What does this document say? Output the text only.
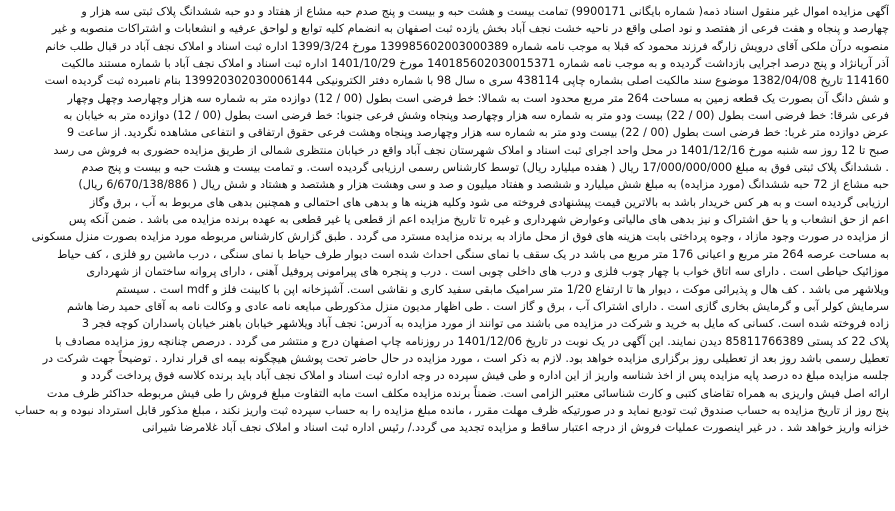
آگهی مزایده اموال غیر منقول اسناد ذمه( شماره بایگانی 9900171) تمامت بیست و هشت حبه و بیست و پنج صدم حبه مشاع از هفتاد و دو حبه ششدانگ پلاک ثبتی سه هزار و
چهارصد و پنجاه و هفت فرعی از هفتصد و نود اصلی واقع در ناحیه خشت نجف آباد بخش یازده ثبت اصفهان به انضمام کلیه توابع و لواحق عرفیه و انشعابات و اشتراکات منصوبه و غیر
منصوبه درآن ملکی آقای درویش زارگه فرزند محمود که قبلا به موجب نامه شماره 139985602003000389 مورخ 1399/3/24 اداره ثبت اسناد و املاک نجف آباد در قبال طلب خانم
آذر آریانژاد و پنج درصد اجرایی بازداشت گردیده و به موجب نامه شماره 140185602030015371 مورخ 1401/10/29 اداره ثبت اسناد و املاک نجف آباد با شماره مستند مالکیت
114160 تاریخ 1382/04/08 موضوع سند مالکیت اصلی بشماره چاپی 438114 سری ه سال 98 با شماره دفتر الکترونیکی 139920302030006144 بنام نامبرده ثبت گردیده است
و شش دانگ آن بصورت یک قطعه زمین به مساحت 264 متر مربع محدود است به شمالا: خط فرضی است بطول (00 / 12) دوازده متر به شماره سه هزار وچهارصد وچهل وچهار
فرعی شرقا: خط فرضی است بطول (00 / 22) بیست ودو متر به شماره سه هزار وچهارصد وپنجاه وشش فرعی جنوبا: خط فرضی است بطول (00 / 12) دوازده متر به خیابان به
عرض دوازده متر غربا: خط فرضی است بطول (00 / 22) بیست ودو متر به شماره سه هزار وچهارصد وپنجاه وهشت فرعی حقوق ارتفاقی و انتفاعی مشاهده نگردید. از ساعت 9
صبح تا 12 روز سه شنبه مورخ 1401/12/16 در محل واحد اجرای ثبت اسناد و املاک شهرستان نجف آباد واقع در خیابان منتظری شمالی از طریق مزایده حضوری به فروش می رسد
. ششدانگ پلاک ثبتی فوق به مبلغ 17/000/000/000 ریال ( هفده میلیارد ریال) توسط کارشناس رسمی ارزیابی گردیده است. و تمامت بیست و هشت حبه و بیست و پنج صدم
حبه مشاع از 72 حبه ششدانگ (مورد مزایده) به مبلغ شش میلیارد و ششصد و هفتاد میلیون و صد و سی وهشت هزار و هشتصد و هشتاد و شش ریال ( 6/670/138/886 ریال)
ارزیابی گردیده است و به هر کس خریدار باشد به بالاترین قیمت پیشنهادی فروخته می شود وکلیه هزینه ها و بدهی های احتمالی و همچنین بدهی های مربوط به آب ، برق وگاز
اعم از حق انشعاب و یا حق اشتراک و نیز بدهی های مالیاتی وعوارض شهرداری و غیره تا تاریخ مزایده اعم از قطعی یا غیر قطعی به عهده برنده مزایده می باشد . ضمن آنکه پس
از مزایده در صورت وجود مازاد ، وجوه پرداختی بابت هزینه های فوق از محل مازاد به برنده مزایده مسترد می گردد . طبق گزارش کارشناس مربوطه مورد مزایده بصورت منزل مسکونی
به مساحت عرصه 264 متر مربع و اعیانی 176 متر مربع می باشد در یک سقف با نمای سنگی احداث شده است دیوار طرف حیاط با نمای سنگی ، درب ماشین رو فلزی ، کف حیاط
موزائیک حیاطی است . دارای سه اتاق خواب با چهار چوب فلزی و درب های داخلی چوبی است . درب و پنجره های پیرامونی پروفیل آهنی ، دارای پروانه ساختمان از شهرداری
ویلاشهر می باشد . کف هال و پذیرائی موکت ، دیوار ها تا ارتفاع 1/20 متر سرامیک مابقی سفید کاری و نقاشی است. آشپزخانه اپن با کابینت فلز و mdf است . سیستم
سرمایش کولر آبی و گرمایش بخاری گازی است . دارای اشتراک آب ، برق و گاز است . طی اظهار مدیون منزل مذکورطی مبایعه نامه عادی و وکالت نامه به آقای حمید رضا هاشم
زاده فروخته شده است. کسانی که مایل به خرید و شرکت در مزایده می باشند می توانند از مورد مزایده به آدرس: نجف آباد ویلاشهر خیابان باهنر خیابان پاسداران کوچه فجر 3
پلاک 22 کد پستی 85811766389 دیدن نمایند. این آگهی در یک نوبت در تاریخ 1401/12/06 در روزنامه چاپ اصفهان درج و منتشر می گردد . درصص چنانچه روز مزایده مصادف با
تعطیل رسمی باشد روز بعد از تعطیلی روز برگزاری مزایده خواهد بود. لازم به ذکر است ، مورد مزایده در حال حاضر تحت پوشش هیچگونه بیمه ای قرار ندارد . توضیحاً جهت شرکت در
جلسه مزایده مبلغ ده درصد پایه مزایده پس از اخذ شناسه واریز از این اداره و طی فیش سپرده در وجه اداره ثبت اسناد و املاک نجف آباد باید برنده کلاسه فوق پرداخت گردد و
ارائه اصل فیش واریزی به همراه تقاضای کتبی و کارت شناسائی معتبر الزامی است. ضمناً برنده مزایده مکلف است مابه التفاوت مبلغ فروش را طی فیش مربوطه حداکثر ظرف مدت
پنج روز از تاریخ مزایده به حساب صندوق ثبت تودیع نماید و در صورتیکه ظرف مهلت مقرر ، مانده مبلغ مزایده را به حساب سپرده ثبت واریز نکند ، مبلغ مذکور قابل استرداد نبوده و به حساب
خزانه واریز خواهد شد . در غیر اینصورت عملیات فروش از درجه اعتبار ساقط و مزایده تجدید می گردد./ رئیس اداره ثبت اسناد و املاک نجف آباد غلامرضا شیرانی
